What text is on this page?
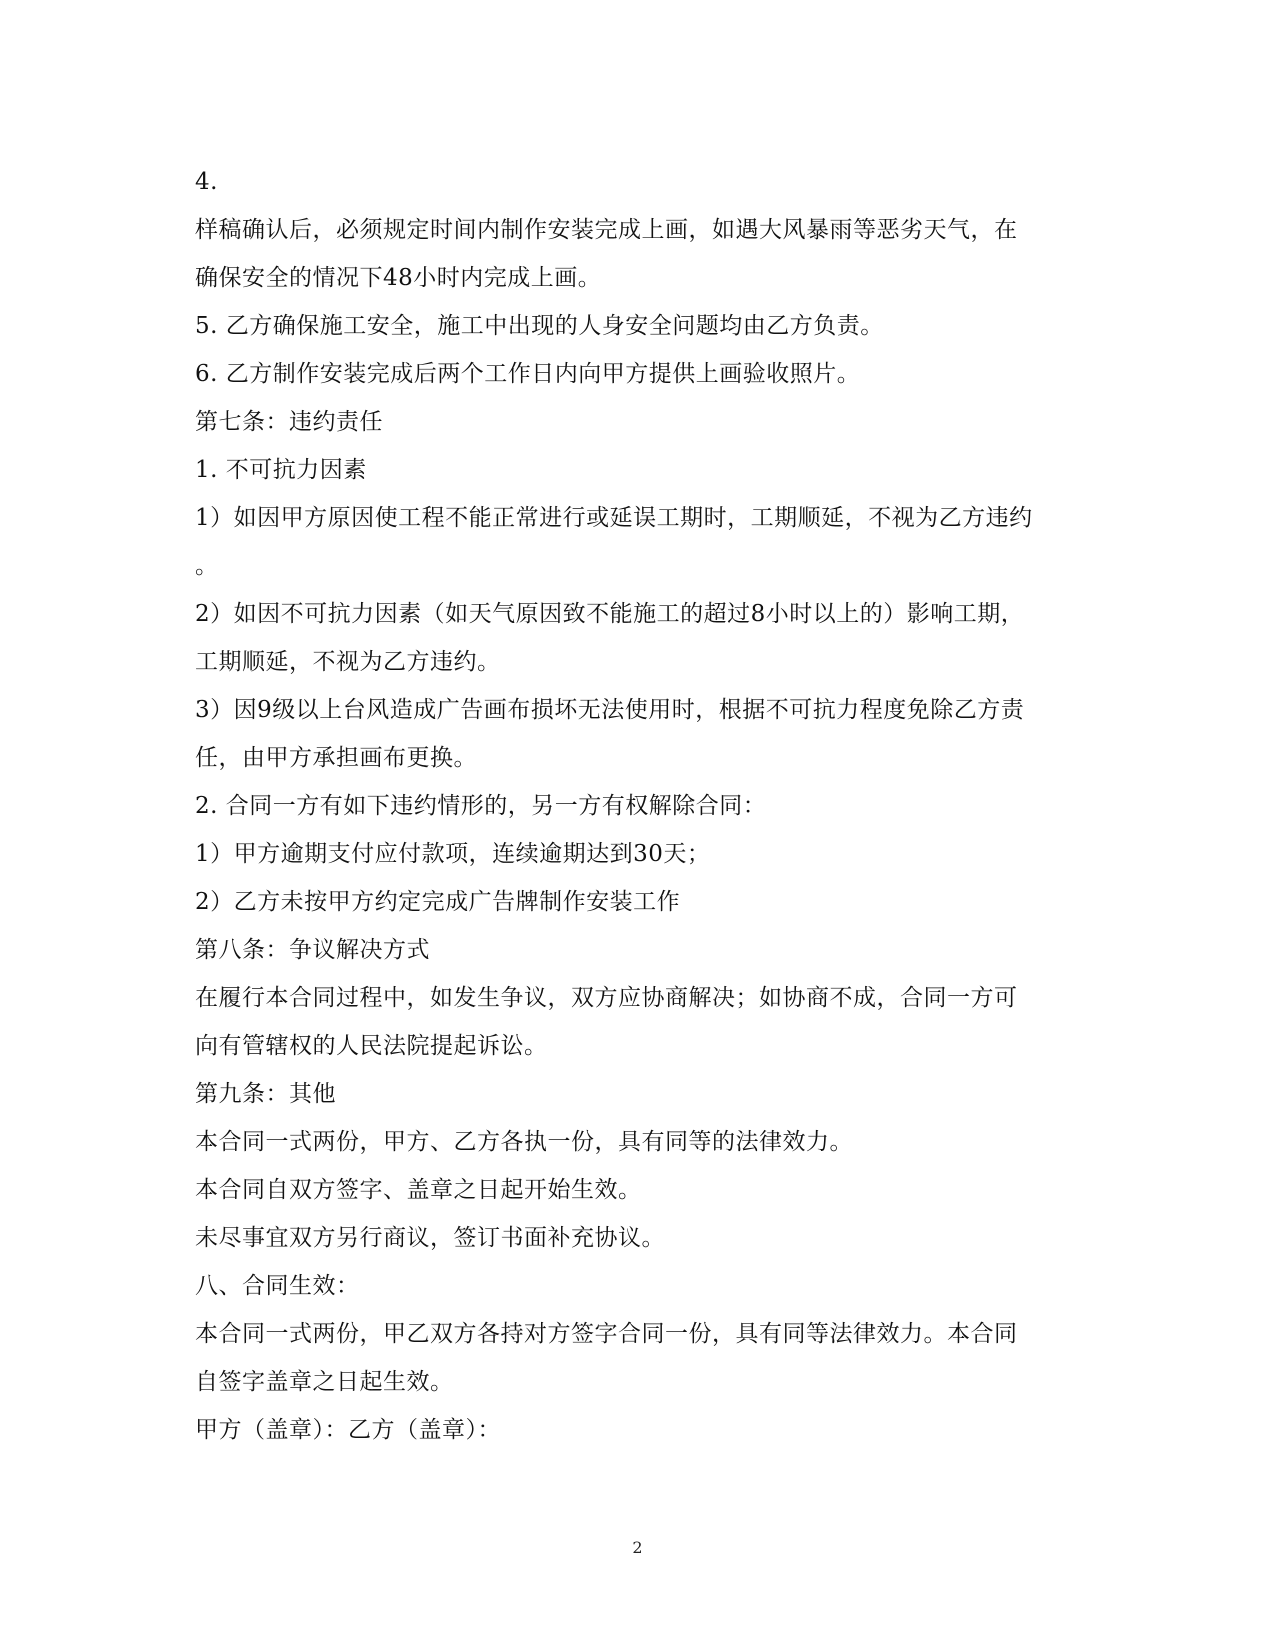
4.
样稿确认后，必须规定时间内制作安装完成上画，如遇大风暴雨等恶劣天气，在
确保安全的情况下48小时内完成上画。
5. 乙方确保施工安全，施工中出现的人身安全问题均由乙方负责。
6. 乙方制作安装完成后两个工作日内向甲方提供上画验收照片。
第七条：违约责任
1. 不可抗力因素
1）如因甲方原因使工程不能正常进行或延误工期时，工期顺延，不视为乙方违约
。
2）如因不可抗力因素（如天气原因致不能施工的超过8小时以上的）影响工期，
工期顺延，不视为乙方违约。
3）因9级以上台风造成广告画布损坏无法使用时，根据不可抗力程度免除乙方责
任，由甲方承担画布更换。
2. 合同一方有如下违约情形的，另一方有权解除合同：
1）甲方逾期支付应付款项，连续逾期达到30天；
2）乙方未按甲方约定完成广告牌制作安装工作
第八条：争议解决方式
在履行本合同过程中，如发生争议，双方应协商解决；如协商不成，合同一方可
向有管辖权的人民法院提起诉讼。
第九条：其他
本合同一式两份，甲方、乙方各执一份，具有同等的法律效力。
本合同自双方签字、盖章之日起开始生效。
未尽事宜双方另行商议，签订书面补充协议。
八、合同生效：
本合同一式两份，甲乙双方各持对方签字合同一份，具有同等法律效力。本合同
自签字盖章之日起生效。
甲方（盖章）：乙方（盖章）：
2
